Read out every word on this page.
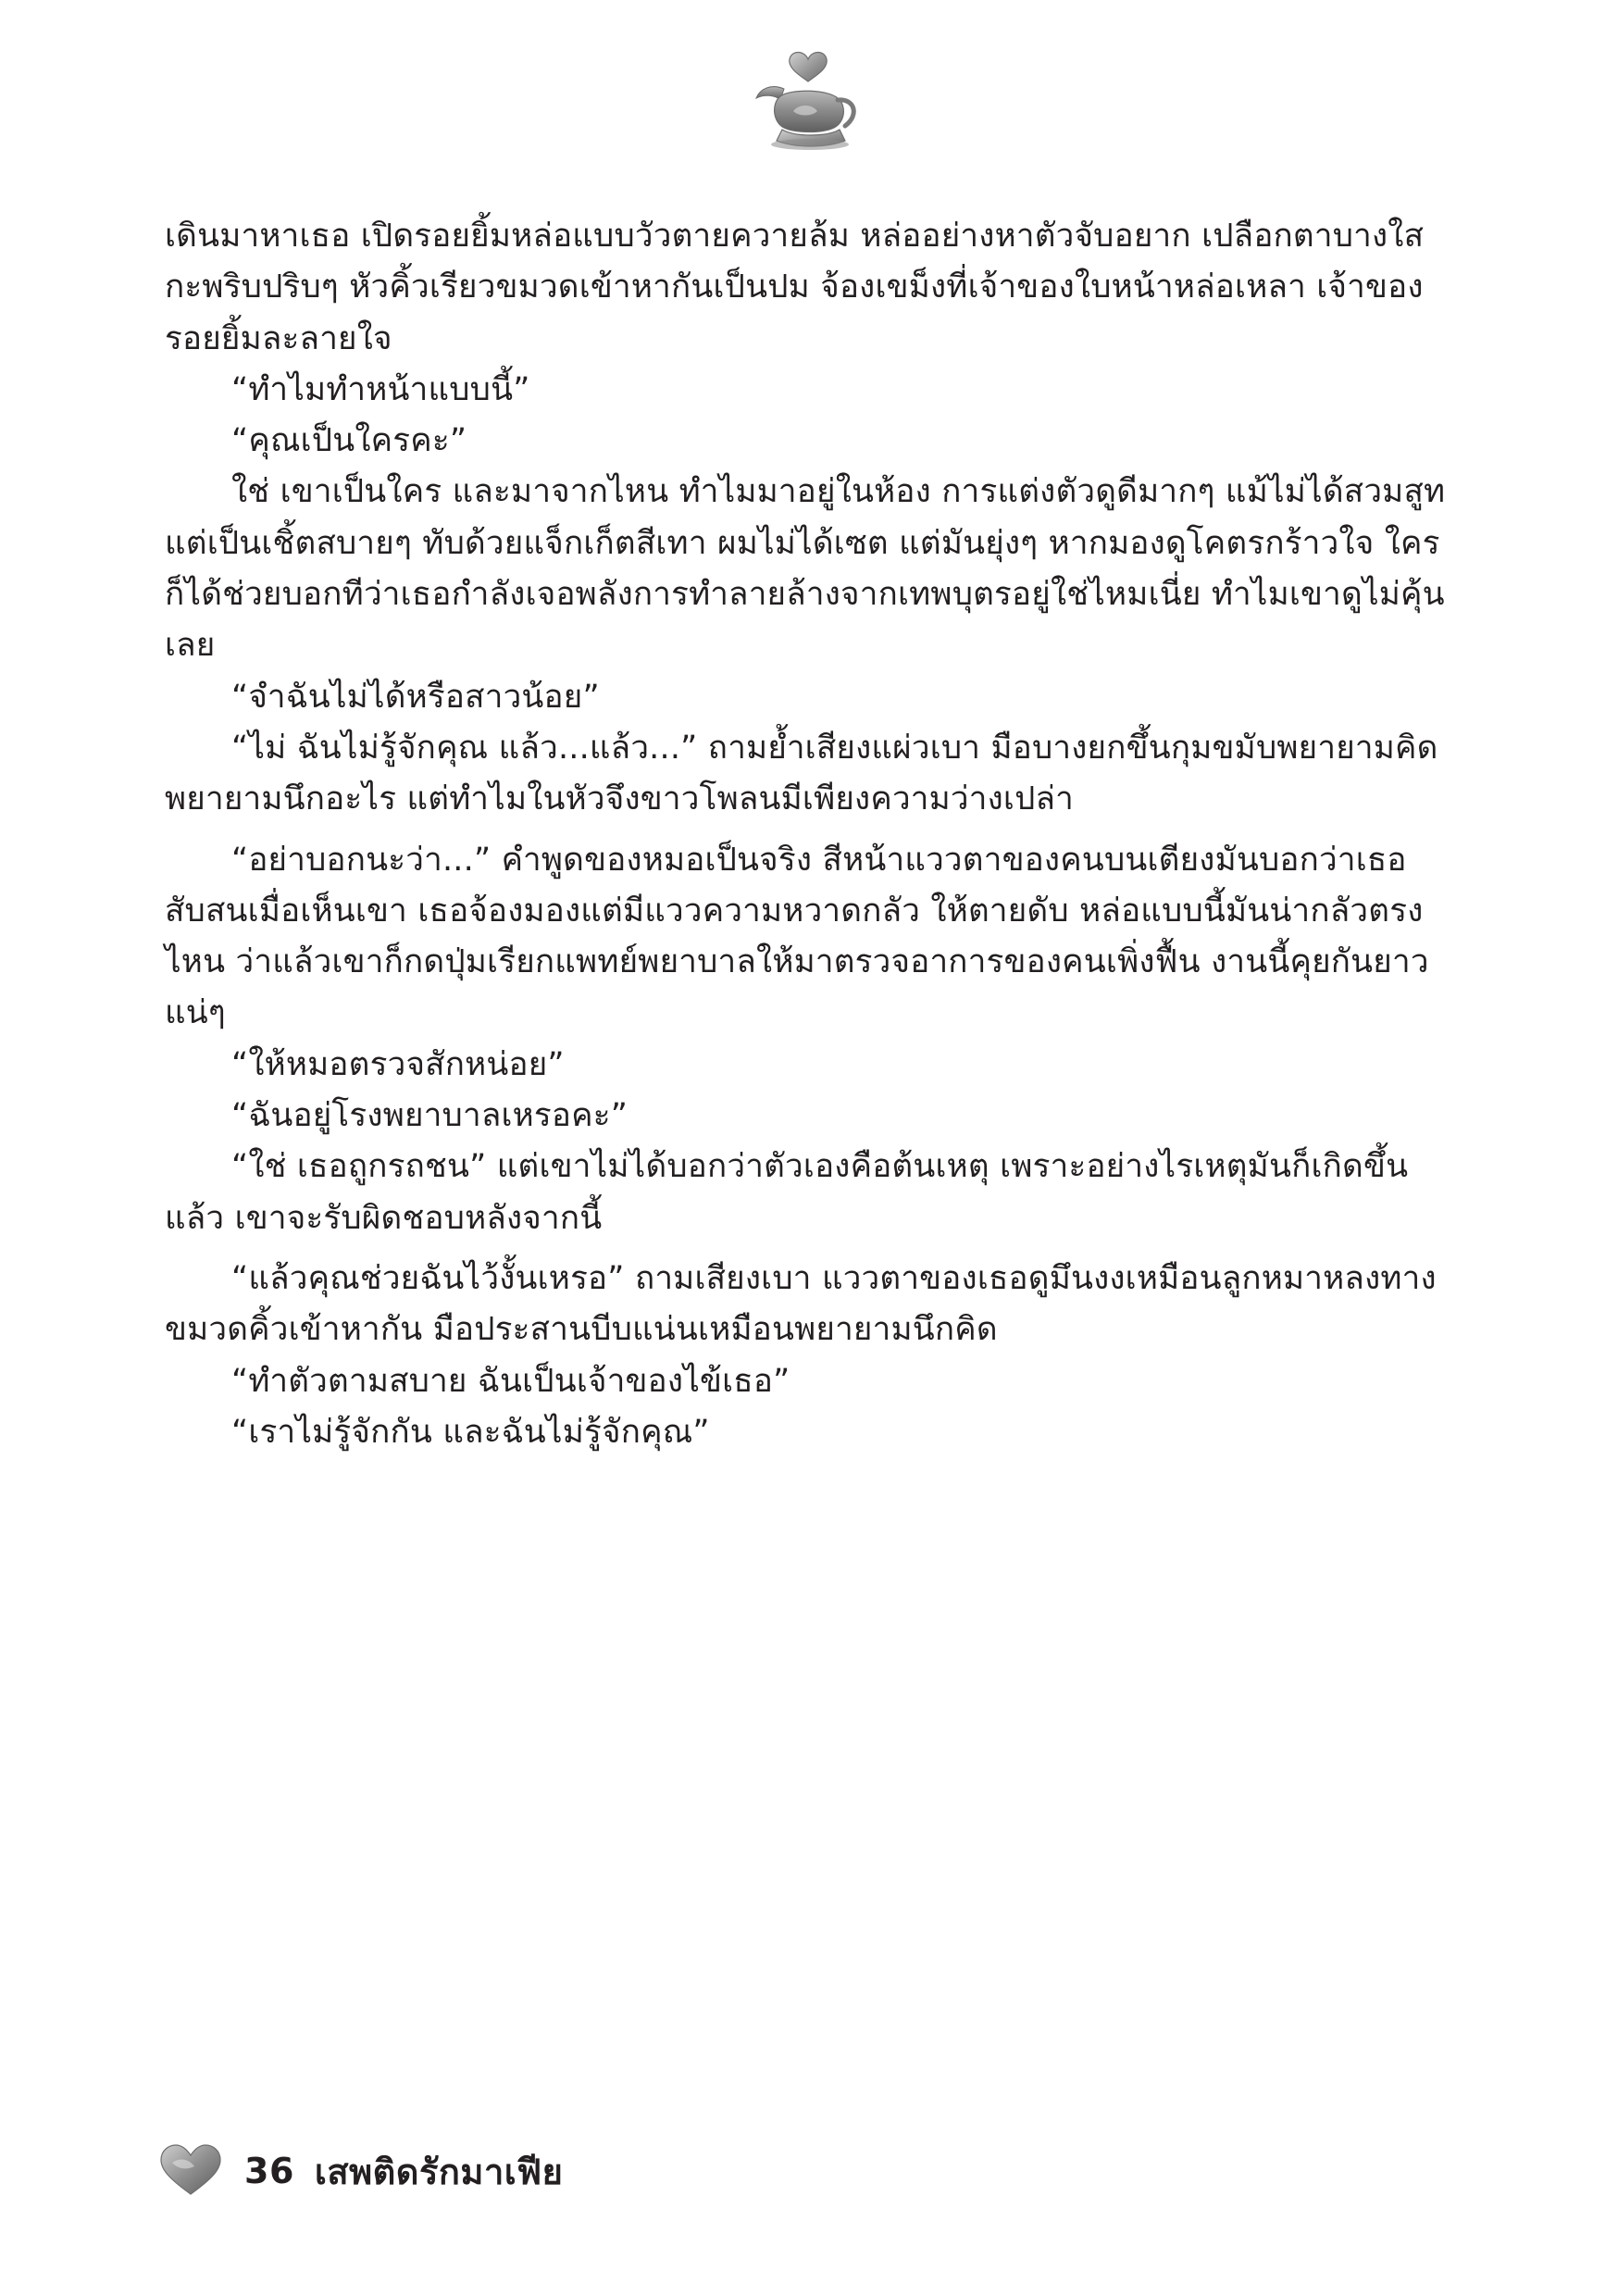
เดินมาหาเธอ เปิดรอยยิ้มหล่อแบบวัวตายควายล้ม หล่ออย่างหาตัวจับอยาก เปลือกตาบางใสกะพริบปริบๆ หัวคิ้วเรียวขมวดเข้าหากันเป็นปม จ้องเขม็งที่เจ้าของใบหน้าหล่อเหลา เจ้าของรอยยิ้มละลายใจ

“ทำไมทำหน้าแบบนี้”

“คุณเป็นใครคะ”

ใช่ เขาเป็นใคร และมาจากไหน ทำไมมาอยู่ในห้อง การแต่งตัวดูดีมากๆ แม้ไม่ได้สวมสูท แต่เป็นเชิ้ตสบายๆ ทับด้วยแจ็กเก็ตสีเทา ผมไม่ได้เซต แต่มันยุ่งๆ หากมองดูโคตรกร้าวใจ ใครก็ได้ช่วยบอกทีว่าเธอกำลังเจอพลังการทำลายล้างจากเทพบุตรอยู่ใช่ไหมเนี่ย ทำไมเขาดูไม่คุ้นเลย

“จำฉันไม่ได้หรือสาวน้อย”

“ไม่ ฉันไม่รู้จักคุณ แล้ว...แล้ว...” ถามย้ำเสียงแผ่วเบา มือบางยกขึ้นกุมขมับพยายามคิด พยายามนึกอะไร แต่ทำไมในหัวจึงขาวโพลนมีเพียงความว่างเปล่า

“อย่าบอกนะว่า...” คำพูดของหมอเป็นจริง สีหน้าแววตาของคนบนเตียงมันบอกว่าเธอสับสนเมื่อเห็นเขา เธอจ้องมองแต่มีแววความหวาดกลัว ให้ตายดับ หล่อแบบนี้มันน่ากลัวตรงไหน ว่าแล้วเขาก็กดปุ่มเรียกแพทย์พยาบาลให้มาตรวจอาการของคนเพิ่งฟื้น งานนี้คุยกันยาวแน่ๆ

“ให้หมอตรวจสักหน่อย”

“ฉันอยู่โรงพยาบาลเหรอคะ”

“ใช่ เธอถูกรถชน” แต่เขาไม่ได้บอกว่าตัวเองคือต้นเหตุ เพราะอย่างไรเหตุมันก็เกิดขึ้นแล้ว เขาจะรับผิดชอบหลังจากนี้

“แล้วคุณช่วยฉันไว้งั้นเหรอ” ถามเสียงเบา แววตาของเธอดูมึนงงเหมือนลูกหมาหลงทาง ขมวดคิ้วเข้าหากัน มือประสานบีบแน่นเหมือนพยายามนึกคิด

“ทำตัวตามสบาย ฉันเป็นเจ้าของไข้เธอ”

“เราไม่รู้จักกัน และฉันไม่รู้จักคุณ”

36 เสพติดรักมาเฟีย
